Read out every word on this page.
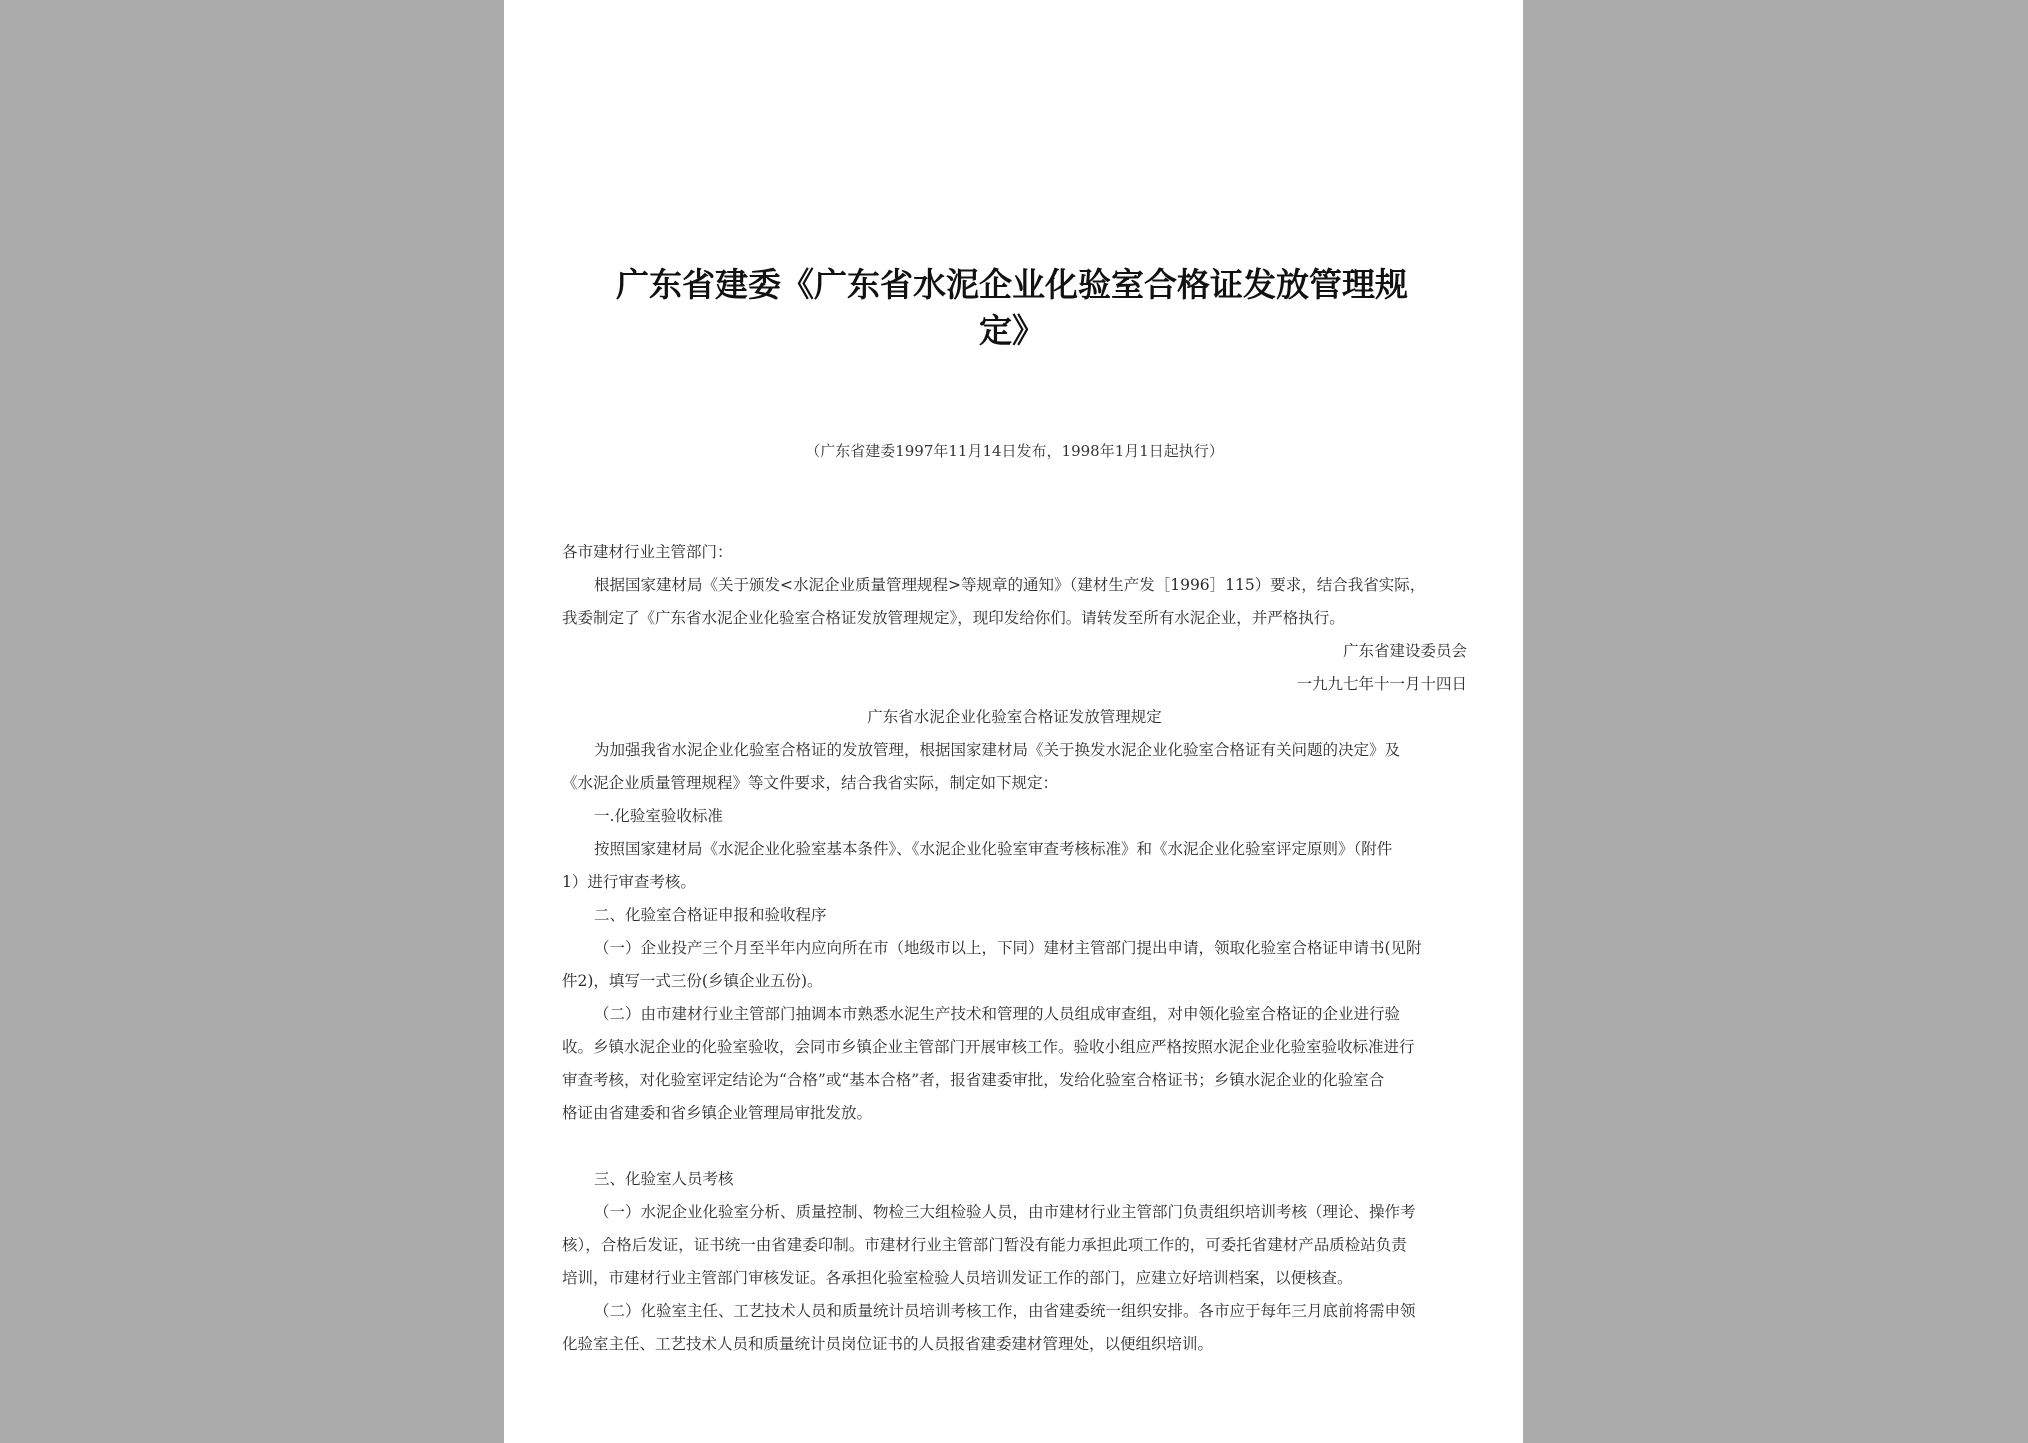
广东省建委《广东省水泥企业化验室合格证发放管理规
定》
（广东省建委1997年11月14日发布，1998年1月1日起执行）
各市建材行业主管部门：
根据国家建材局《关于颁发<水泥企业质量管理规程>等规章的通知》（建材生产发［1996］115）要求，结合我省实际，
我委制定了《广东省水泥企业化验室合格证发放管理规定》，现印发给你们。请转发至所有水泥企业，并严格执行。
广东省建设委员会
一九九七年十一月十四日
广东省水泥企业化验室合格证发放管理规定
为加强我省水泥企业化验室合格证的发放管理，根据国家建材局《关于换发水泥企业化验室合格证有关问题的决定》及
《水泥企业质量管理规程》等文件要求，结合我省实际，制定如下规定：
一.化验室验收标准
按照国家建材局《水泥企业化验室基本条件》、《水泥企业化验室审查考核标准》和《水泥企业化验室评定原则》（附件
1）进行审查考核。
二、化验室合格证申报和验收程序
（一）企业投产三个月至半年内应向所在市（地级市以上，下同）建材主管部门提出申请，领取化验室合格证申请书(见附
件2)，填写一式三份(乡镇企业五份)。
（二）由市建材行业主管部门抽调本市熟悉水泥生产技术和管理的人员组成审查组，对申领化验室合格证的企业进行验
收。乡镇水泥企业的化验室验收，会同市乡镇企业主管部门开展审核工作。验收小组应严格按照水泥企业化验室验收标准进行
审查考核，对化验室评定结论为“合格”或“基本合格”者，报省建委审批，发给化验室合格证书；乡镇水泥企业的化验室合
格证由省建委和省乡镇企业管理局审批发放。
三、化验室人员考核
（一）水泥企业化验室分析、质量控制、物检三大组检验人员，由市建材行业主管部门负责组织培训考核（理论、操作考
核），合格后发证，证书统一由省建委印制。市建材行业主管部门暂没有能力承担此项工作的，可委托省建材产品质检站负责
培训，市建材行业主管部门审核发证。各承担化验室检验人员培训发证工作的部门，应建立好培训档案，以便核查。
（二）化验室主任、工艺技术人员和质量统计员培训考核工作，由省建委统一组织安排。各市应于每年三月底前将需申领
化验室主任、工艺技术人员和质量统计员岗位证书的人员报省建委建材管理处，以便组织培训。
